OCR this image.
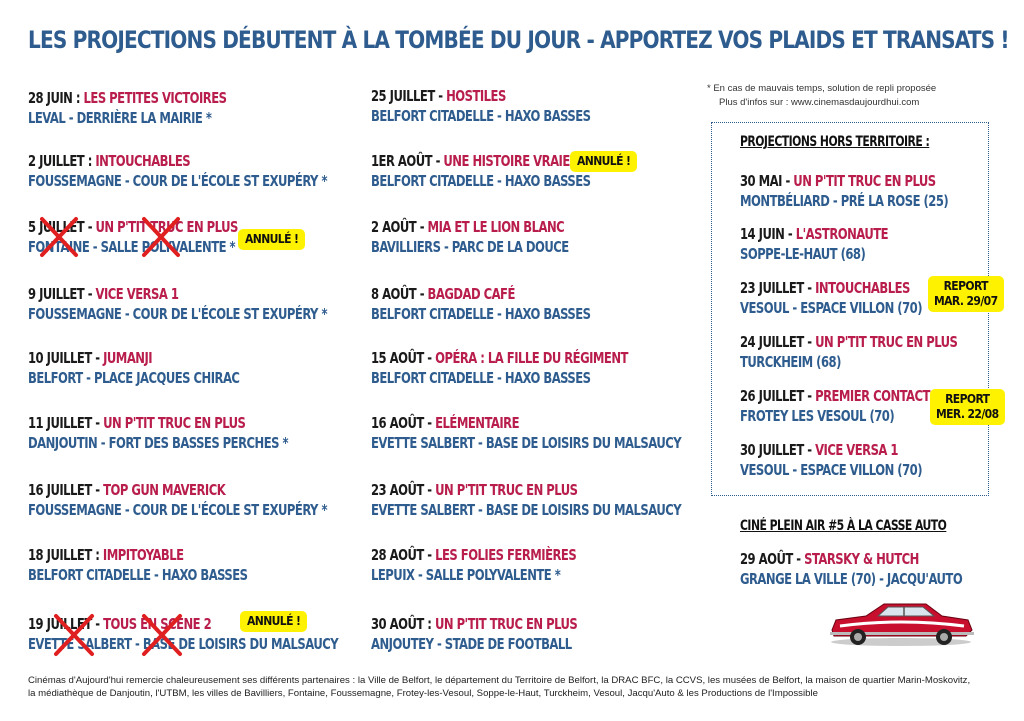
LES PROJECTIONS DÉBUTENT À LA TOMBÉE DU JOUR - APPORTEZ VOS PLAIDS ET TRANSATS !
28 JUIN : LES PETITES VICTOIRES
LEVAL - DERRIÈRE LA MAIRIE *
2 JUILLET : INTOUCHABLES
FOUSSEMAGNE - COUR DE L'ÉCOLE ST EXUPÉRY *
5 JUILLET - UN P'TIT TRUC EN PLUS
FONTAINE - SALLE POLYVALENTE * ANNULÉ !
9 JUILLET - VICE VERSA 1
FOUSSEMAGNE - COUR DE L'ÉCOLE ST EXUPÉRY *
10 JUILLET - JUMANJI
BELFORT - PLACE JACQUES CHIRAC
11 JUILLET - UN P'TIT TRUC EN PLUS
DANJOUTIN - FORT DES BASSES PERCHES *
16 JUILLET - TOP GUN MAVERICK
FOUSSEMAGNE - COUR DE L'ÉCOLE ST EXUPÉRY *
18 JUILLET : IMPITOYABLE
BELFORT CITADELLE - HAXO BASSES
19 JUILLET - TOUS EN SCÈNE 2
EVETTE SALBERT - BASE DE LOISIRS DU MALSAUCY
ANNULÉ !
25 JUILLET - HOSTILES
BELFORT CITADELLE - HAXO BASSES
1ER AOÛT - UNE HISTOIRE VRAIE
BELFORT CITADELLE - HAXO BASSES
ANNULÉ !
2 AOÛT - MIA ET LE LION BLANC
BAVILLIERS - PARC DE LA DOUCE
8 AOÛT - BAGDAD CAFÉ
BELFORT CITADELLE - HAXO BASSES
15 AOÛT - OPÉRA : LA FILLE DU RÉGIMENT
BELFORT CITADELLE - HAXO BASSES
16 AOÛT - ELÉMENTAIRE
EVETTE SALBERT - BASE DE LOISIRS DU MALSAUCY
23 AOÛT - UN P'TIT TRUC EN PLUS
EVETTE SALBERT - BASE DE LOISIRS DU MALSAUCY
28 AOÛT - LES FOLIES FERMIÈRES
LEPUIX - SALLE POLYVALENTE *
30 AOÛT : UN P'TIT TRUC EN PLUS
ANJOUTEY - STADE DE FOOTBALL
* En cas de mauvais temps, solution de repli proposée
Plus d'infos sur : www.cinemasdaujourdhui.com
PROJECTIONS HORS TERRITOIRE :
30 MAI - UN P'TIT TRUC EN PLUS
MONTBÉLIARD - PRÉ LA ROSE (25)
14 JUIN - L'ASTRONAUTE
SOPPE-LE-HAUT (68)
23 JUILLET - INTOUCHABLES
VESOUL - ESPACE VILLON (70)
REPORT
MAR. 29/07
24 JUILLET - UN P'TIT TRUC EN PLUS
TURCKHEIM (68)
26 JUILLET - PREMIER CONTACT
FROTEY LES VESOUL (70)
REPORT
MER. 22/08
30 JUILLET - VICE VERSA 1
VESOUL - ESPACE VILLON (70)
CINÉ PLEIN AIR #5 À LA CASSE AUTO
29 AOÛT - STARSKY & HUTCH
GRANGE LA VILLE (70) - JACQU'AUTO
Cinémas d'Aujourd'hui remercie chaleureusement ses différents partenaires : la Ville de Belfort, le département du Territoire de Belfort, la DRAC BFC, la CCVS, les musées de Belfort, la maison de quartier Marin-Moskovitz,
la médiathèque de Danjoutin, l'UTBM, les villes de Bavilliers, Fontaine, Foussemagne, Frotey-les-Vesoul, Soppe-le-Haut, Turckheim, Vesoul, Jacqu'Auto & les Productions de l'Impossible
